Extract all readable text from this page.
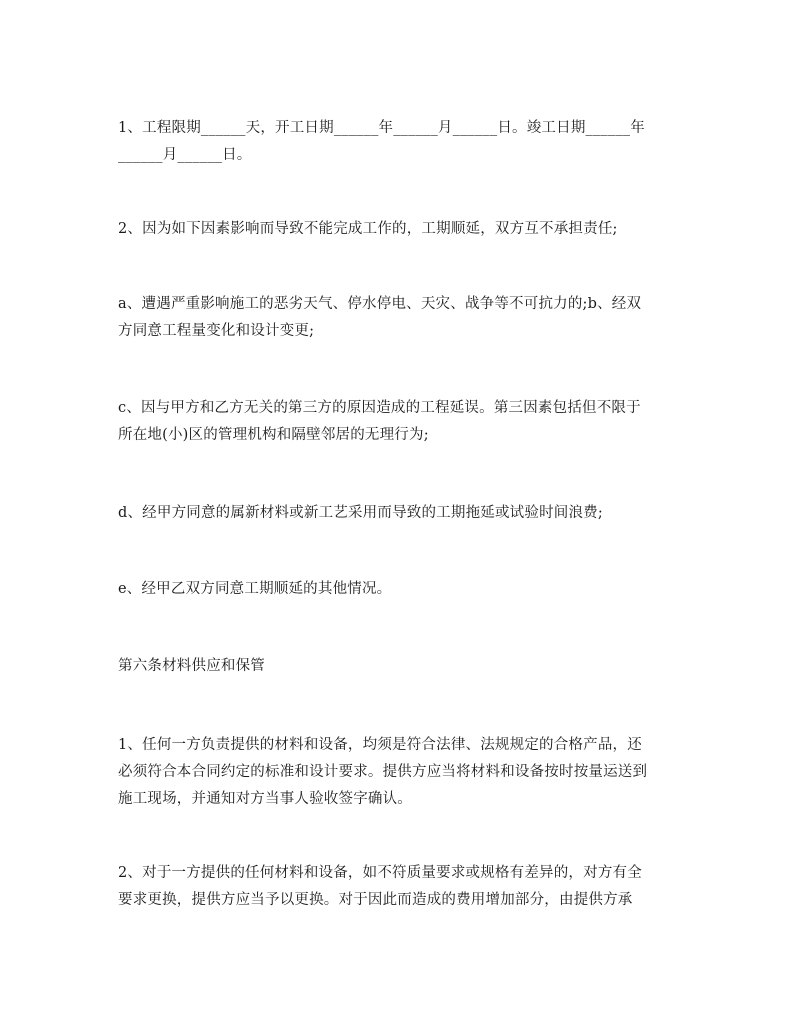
1、工程限期______天，开工日期______年______月______日。竣工日期______年
______月______日。

2、因为如下因素影响而导致不能完成工作的，工期顺延，双方互不承担责任;

a、遭遇严重影响施工的恶劣天气、停水停电、天灾、战争等不可抗力的;b、经双
方同意工程量变化和设计变更;

c、因与甲方和乙方无关的第三方的原因造成的工程延误。第三因素包括但不限于
所在地(小)区的管理机构和隔壁邻居的无理行为;

d、经甲方同意的属新材料或新工艺采用而导致的工期拖延或试验时间浪费;

e、经甲乙双方同意工期顺延的其他情况。

第六条材料供应和保管

1、任何一方负责提供的材料和设备，均须是符合法律、法规规定的合格产品，还
必须符合本合同约定的标准和设计要求。提供方应当将材料和设备按时按量运送到
施工现场，并通知对方当事人验收签字确认。

2、对于一方提供的任何材料和设备，如不符质量要求或规格有差异的，对方有全
要求更换，提供方应当予以更换。对于因此而造成的费用增加部分，由提供方承
